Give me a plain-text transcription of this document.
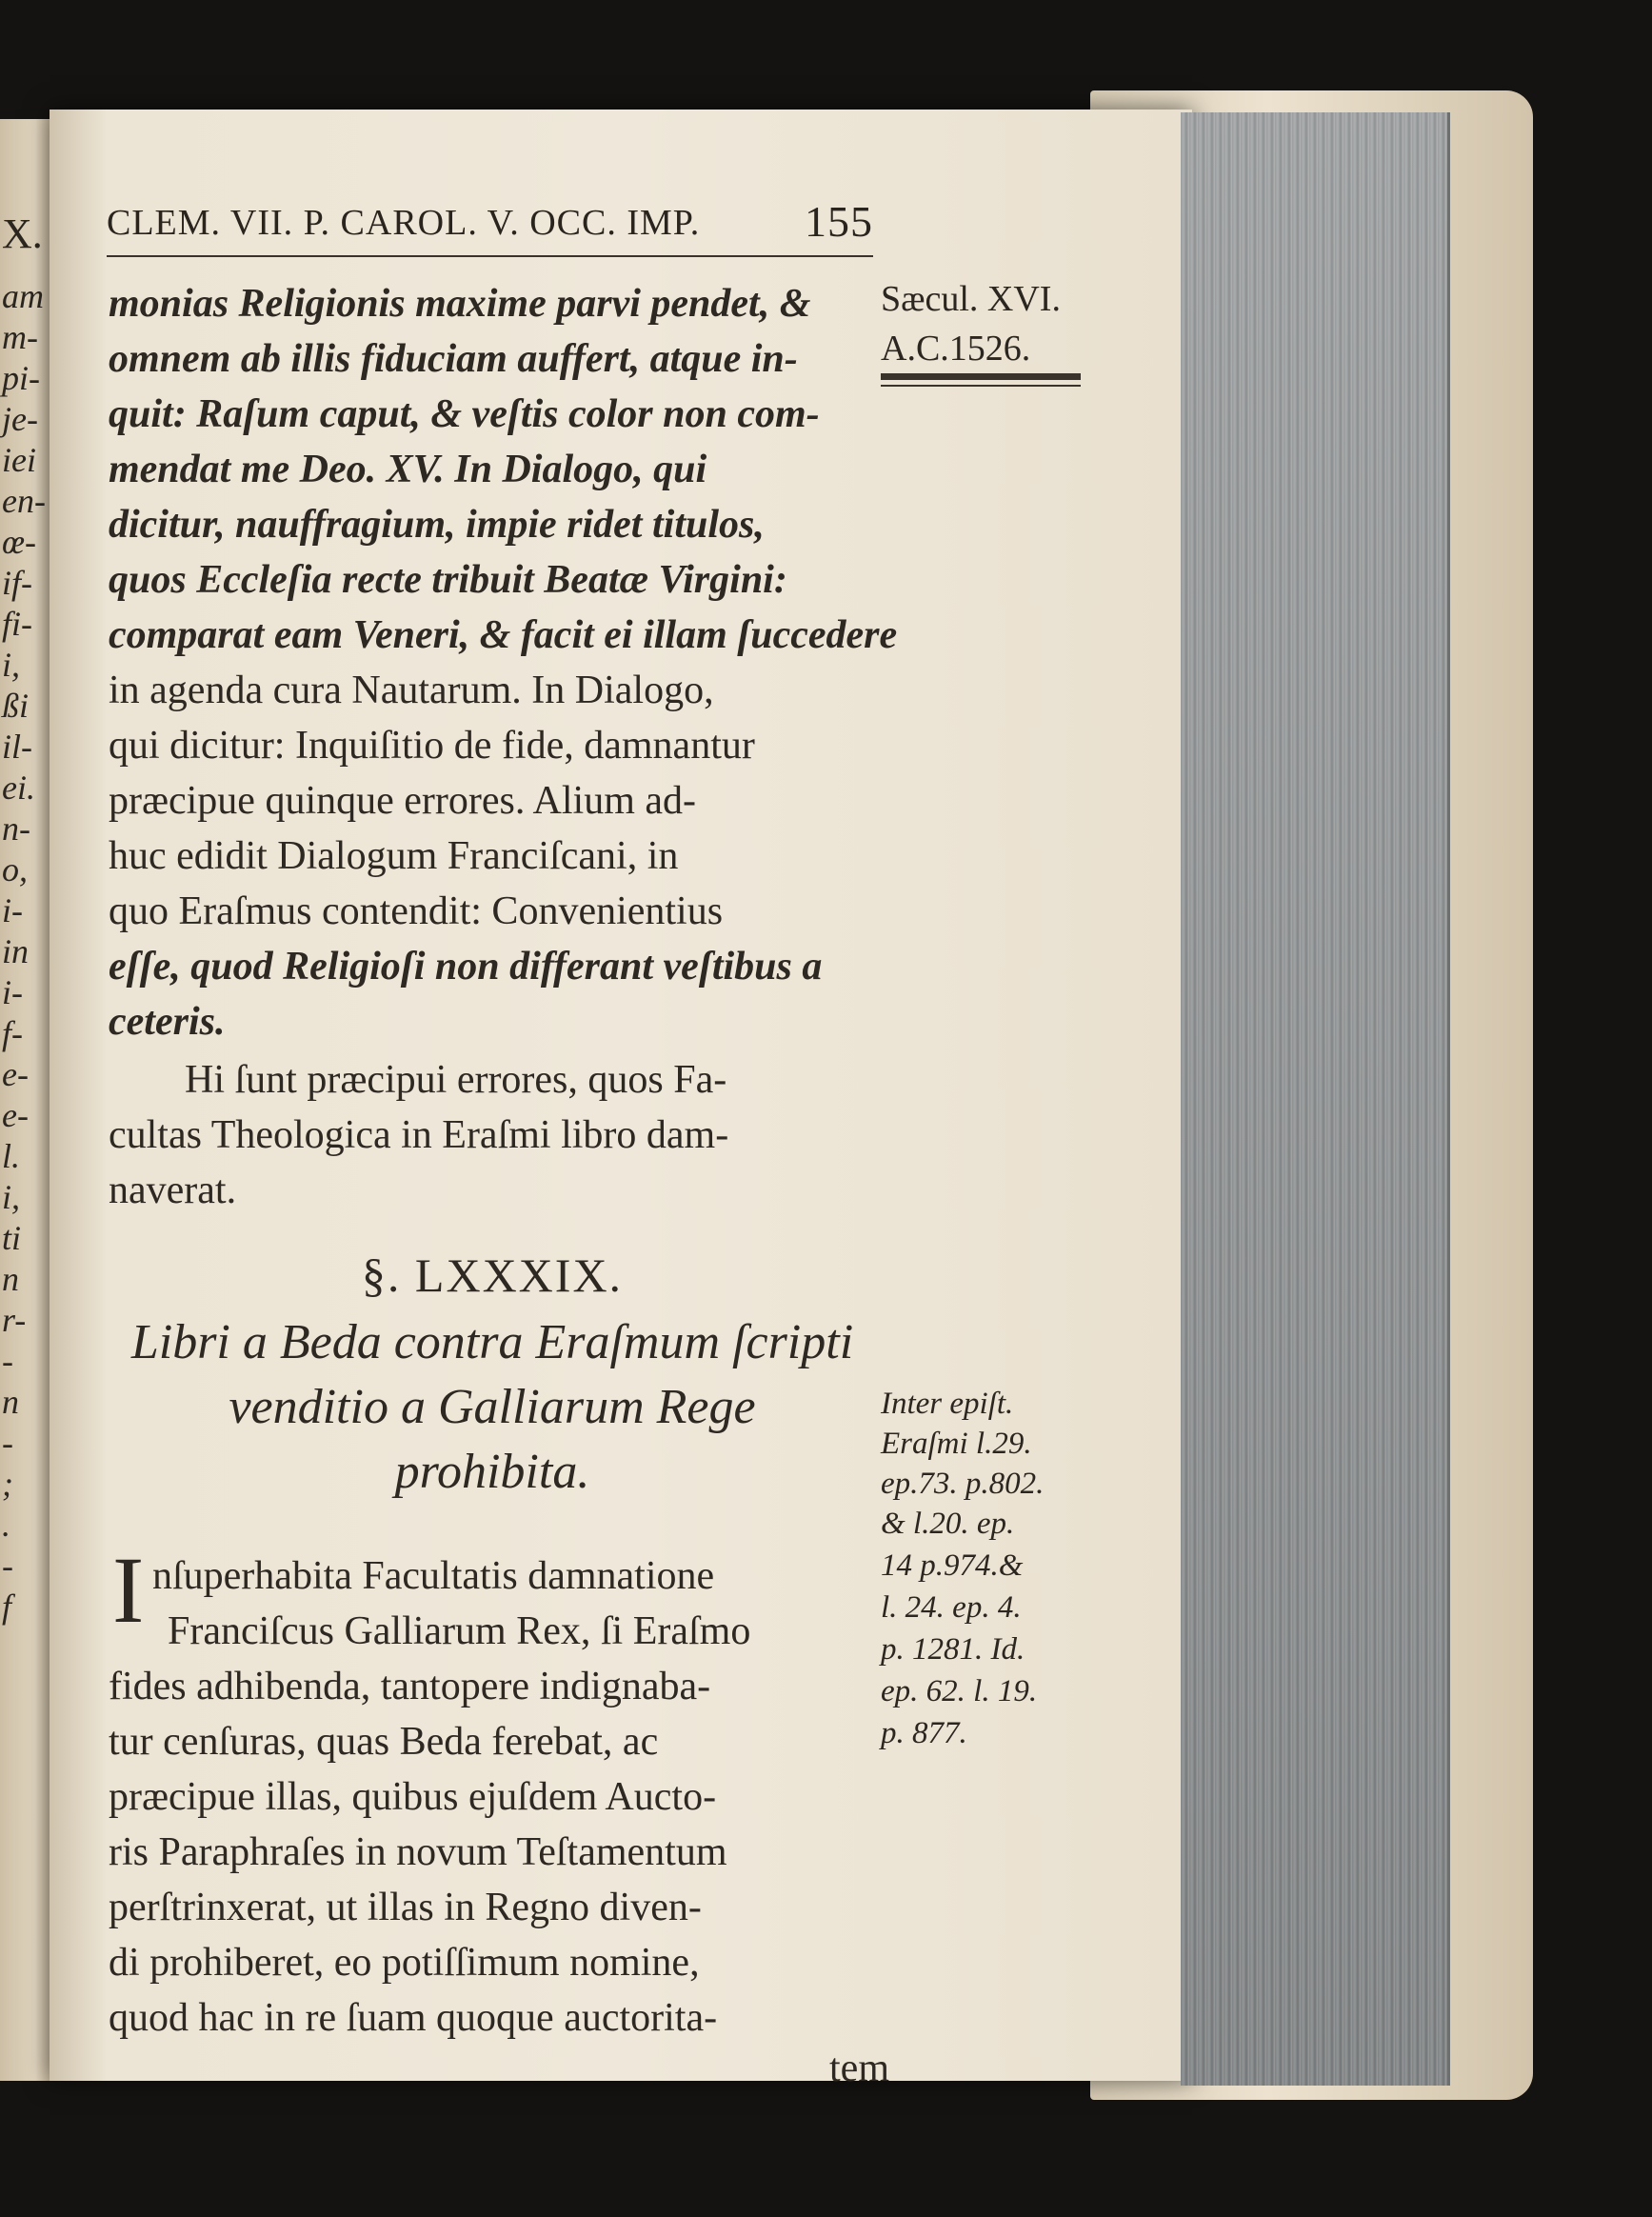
X.
am
m-
pi-
je-
iei
en-
œ-
if-
fi-
i,
ßi
il-
ei.
n-
o,
i-
in
i-
f-
e-
e-
l.
i,
ti
n
r-
-
n
-
;
.
-
f
CLEM. VII. P. CAROL. V. OCC. IMP. 155
Sæcul. XVI.
A.C.1526.
monias Religionis maxime parvi pendet, &
omnem ab illis fiduciam auffert, atque in-
quit: Raſum caput, & veſtis color non com-
mendat me Deo. XV. In Dialogo, qui
dicitur, nauffragium, impie ridet titulos,
quos Eccleſia recte tribuit Beatæ Virgini:
comparat eam Veneri, & facit ei illam ſuccedere
in agenda cura Nautarum. In Dialogo,
qui dicitur: Inquiſitio de fide, damnantur
præcipue quinque errores. Alium ad-
huc edidit Dialogum Franciſcani, in
quo Eraſmus contendit: Convenientius
eſſe, quod Religioſi non differant veſtibus a
ceteris.
Hi ſunt præcipui errores, quos Fa-
cultas Theologica in Eraſmi libro dam-
naverat.
§. LXXXIX.
Libri a Beda contra Eraſmum ſcripti
venditio a Galliarum Rege
prohibita.
I nſuperhabita Facultatis damnatione
Franciſcus Galliarum Rex, ſi Eraſmo
fides adhibenda, tantopere indignaba-
tur cenſuras, quas Beda ferebat, ac
præcipue illas, quibus ejuſdem Aucto-
ris Paraphraſes in novum Teſtamentum
perſtrinxerat, ut illas in Regno diven-
di prohiberet, eo potiſſimum nomine,
quod hac in re ſuam quoque auctorita-
tem
Inter epiſt.
Eraſmi l.29.
ep.73. p.802.
& l.20. ep.
14 p.974.&
l. 24. ep. 4.
p. 1281. Id.
ep. 62. l. 19.
p. 877.
